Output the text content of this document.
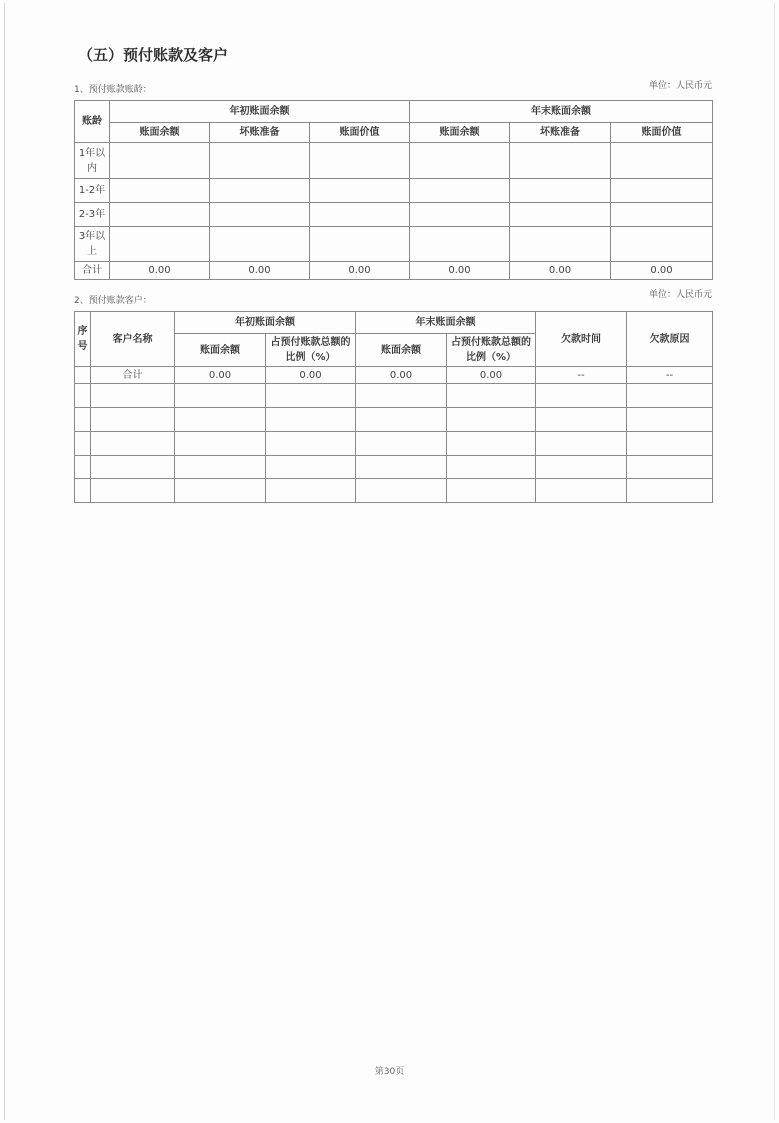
（五）预付账款及客户
1、预付账款账龄：	单位：人民币元
账龄	年初账面余额			年末账面余额		
	账面余额	坏账准备	账面价值	账面余额	坏账准备	账面价值
1年以内						
1-2年						
2-3年						
3年以上						
合计	0.00	0.00	0.00	0.00	0.00	0.00
2、预付账款客户：
单位：人民币元
序号	客户名称	年初账面余额		年末账面余额		欠款时间	欠款原因
		账面余额	占预付账款总额的比例（%）	账面余额	占预付账款总额的比例（%）		
	合计	0.00	0.00	0.00	0.00	--	--

第30页
